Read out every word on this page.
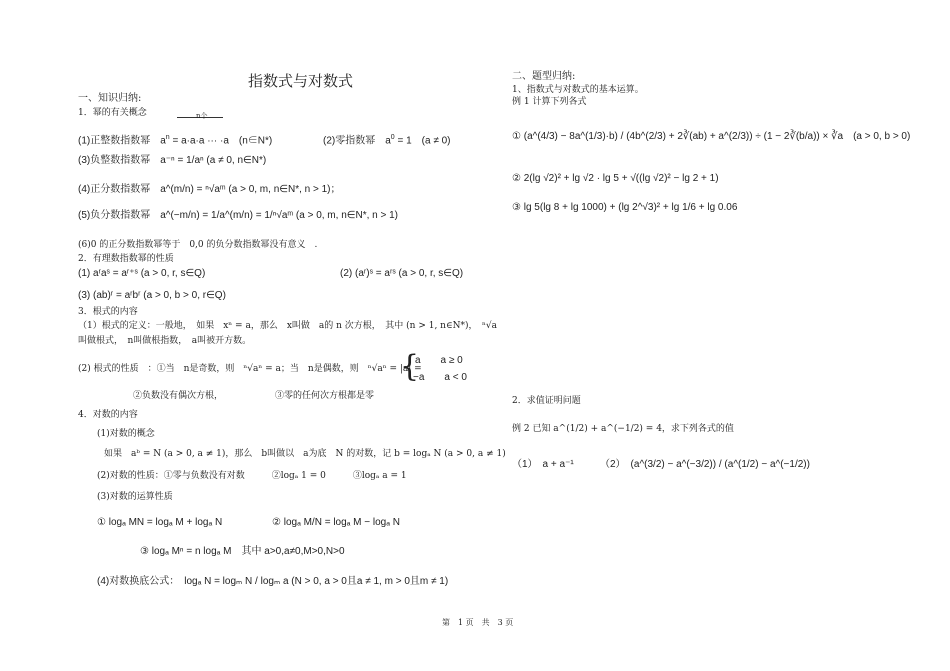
指数式与对数式
一、知识归纳:
1．幂的有关概念	n个
(1)正整数指数幂　$a^n = a\cdot a\cdot a$ ··· ·a　(n∈N*)	(2)零指数幂　$a^0 = 1$　(a ≠ 0)
(3)负整数指数幂　a⁻ⁿ = 1/aⁿ (a ≠ 0, n∈N*)
(4)正分数指数幂　a^(m/n) = ⁿ√aᵐ (a > 0, m, n∈N*, n > 1)；
(5)负分数指数幂　a^(−m/n) = 1/a^(m/n) = 1/ⁿ√aᵐ (a > 0, m, n∈N*, n > 1)
(6)0 的正分数指数幂等于　0,0 的负分数指数幂没有意义　.
2．有理数指数幂的性质
(1) aʳaˢ = aʳ⁺ˢ (a > 0, r, s∈Q)	(2) (aʳ)ˢ = aʳˢ (a > 0, r, s∈Q)
(3) (ab)ʳ = aʳbʳ (a > 0, b > 0, r∈Q)
3．根式的内容
（1）根式的定义：一般地，　如果　xⁿ = a，那么　x叫做　a的 n 次方根，　其中 (n > 1, n∈N*)，　ⁿ√a
叫做根式，　n叫做根指数，　a叫被开方数。
(2) 根式的性质　：①当　n是奇数，则　ⁿ√aⁿ = a；当　n是偶数，则　ⁿ√aⁿ = |a| =
{
a　　a ≥ 0
−a　　a < 0
②负数没有偶次方根，	③零的任何次方根都是零
4．对数的内容
(1)对数的概念
如果　aᵇ = N (a > 0, a ≠ 1)，那么　b叫做以　a为底　N 的对数，记 b = logₐ N (a > 0, a ≠ 1)
(2)对数的性质：①零与负数没有对数　　　②logₐ 1 = 0　　　③logₐ a = 1
(3)对数的运算性质
① logₐ MN = logₐ M + logₐ N	② logₐ M/N = logₐ M − logₐ N
③ logₐ Mⁿ = n logₐ M　其中 a>0,a≠0,M>0,N>0
(4)对数换底公式：　logₐ N = logₘ N / logₘ a (N > 0, a > 0且a ≠ 1, m > 0且m ≠ 1)
二、题型归纳:
1、指数式与对数式的基本运算。
例 1 计算下列各式
① (a^(4/3) − 8a^(1/3)·b) / (4b^(2/3) + 2∛(ab) + a^(2/3)) ÷ (1 − 2∛(b/a)) × ∛a　(a > 0, b > 0)
② 2(lg √2)² + lg √2 · lg 5 + √((lg √2)² − lg 2 + 1)
③ lg 5(lg 8 + lg 1000) + (lg 2^√3)² + lg 1/6 + lg 0.06
2．求值证明问题
例 2 已知 a^(1/2) + a^(−1/2) = 4，求下列各式的值
（1）　a + a⁻¹	（2）　(a^(3/2) − a^(−3/2)) / (a^(1/2) − a^(−1/2))
第　1 页　共　3 页
